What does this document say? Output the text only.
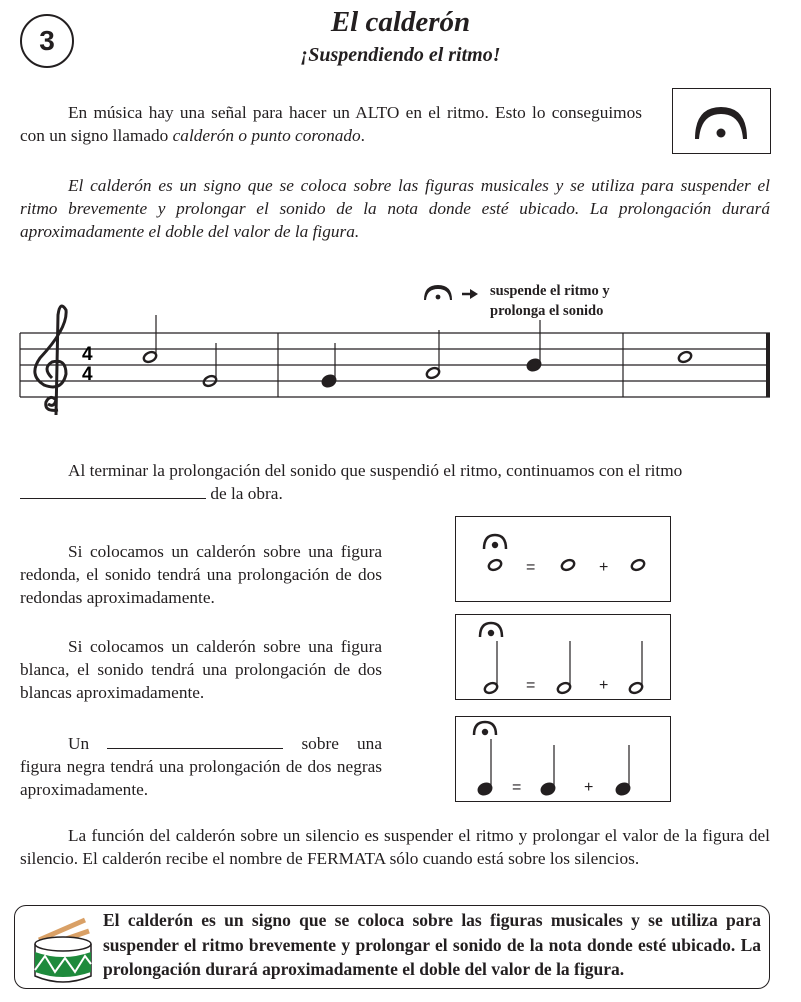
3
El calderón
¡Suspendiendo el ritmo!

En música hay una señal para hacer un ALTO en el ritmo. Esto lo conseguimos con un signo llamado calderón o punto coronado.

El calderón es un signo que se coloca sobre las figuras musicales y se utiliza para suspender el ritmo brevemente y prolongar el sonido de la nota donde esté ubicado. La prolongación durará aproximadamente el doble del valor de la figura.

4
4
suspende el ritmo y
prolonga el sonido

Al terminar la prolongación del sonido que suspendió el ritmo, continuamos con el ritmo

de la obra.

Si colocamos un calderón sobre una figura redonda, el sonido tendrá una prolongación de dos redondas aproximadamente.

Si colocamos un calderón sobre una figura blanca, el sonido tendrá una prolongación de dos blancas aproximadamente.

Un	sobre una figura negra tendrá una prolongación de dos negras aproximadamente.

=	+
=	+
=	+

La función del calderón sobre un silencio es suspender el ritmo y prolongar el valor de la figura del silencio. El calderón recibe el nombre de FERMATA sólo cuando está sobre los silencios.

El calderón es un signo que se coloca sobre las figuras musicales y se utiliza para suspender el ritmo brevemente y prolongar el sonido de la nota donde esté ubicado. La prolongación durará aproximadamente el doble del valor de la figura.
